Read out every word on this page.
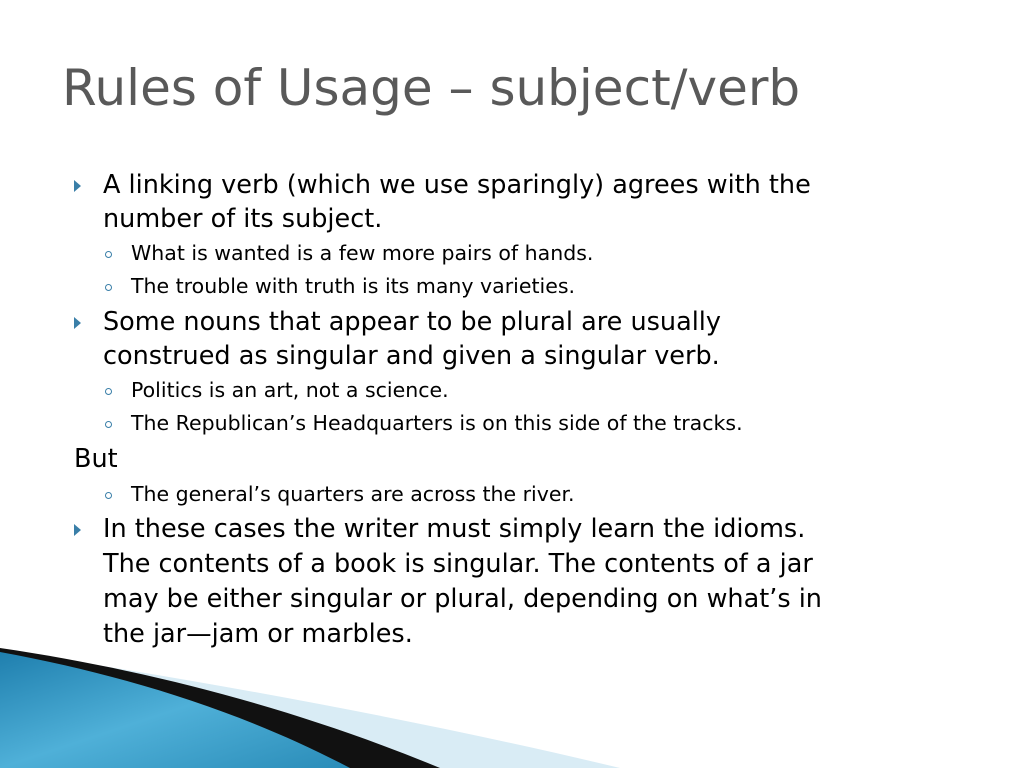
Rules of Usage – subject/verb
A linking verb (which we use sparingly) agrees with the
number of its subject.
What is wanted is a few more pairs of hands.
The trouble with truth is its many varieties.
Some nouns that appear to be plural are usually
construed as singular and given a singular verb.
Politics is an art, not a science.
The Republican’s Headquarters is on this side of the tracks.
But
The general’s quarters are across the river.
In these cases the writer must simply learn the idioms.
The contents of a book is singular. The contents of a jar
may be either singular or plural, depending on what’s in
the jar—jam or marbles.
